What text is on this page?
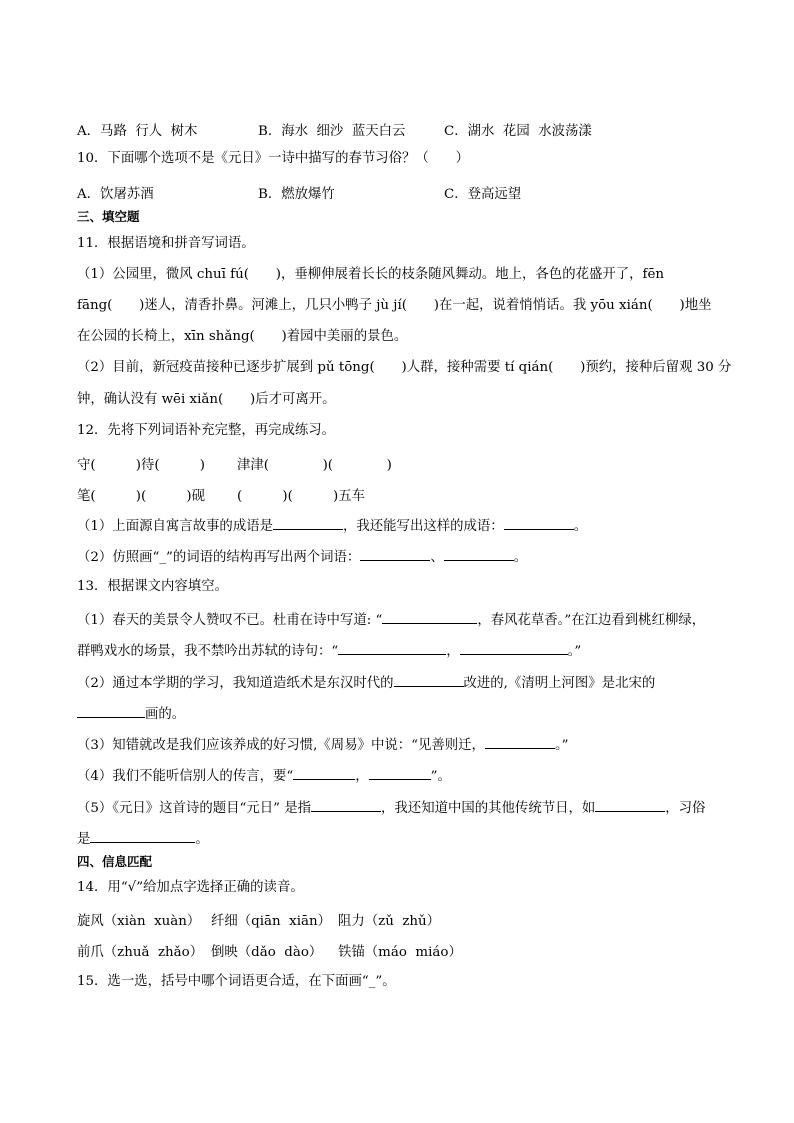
A．马路  行人  树木	B．海水  细沙  蓝天白云	C．湖水  花园  水波荡漾
10．下面哪个选项不是《元日》一诗中描写的春节习俗？（　　）
A．饮屠苏酒	B．燃放爆竹	C．登高远望
三、填空题
11．根据语境和拼音写词语。
（1）公园里，微风 chuī fú(　　)，垂柳伸展着长长的枝条随风舞动。地上，各色的花盛开了，fēn
fāng(　　)迷人，清香扑鼻。河滩上，几只小鸭子 jù jí(　　)在一起，说着悄悄话。我 yōu xián(　　)地坐
在公园的长椅上，xīn shǎng(　　)着园中美丽的景色。
（2）目前，新冠疫苗接种已逐步扩展到 pǔ tōng(　　)人群，接种需要 tí qián(　　)预约，接种后留观 30 分
钟，确认没有 wēi xiǎn(　　)后才可离开。
12．先将下列词语补充完整，再完成练习。
守(　　　)待(　　　) 津津(　　　　)(　　　　)
笔(　　　)(　　　)砚 (　　　)(　　　)五车
（1）上面源自寓言故事的成语是	，我还能写出这样的成语：	。
（2）仿照画“_”的词语的结构再写出两个词语：	、	。
13．根据课文内容填空。
（1）春天的美景令人赞叹不已。杜甫在诗中写道: “	，春风花草香。”在江边看到桃红柳绿，
群鸭戏水的场景，我不禁吟出苏轼的诗句：“	，	。”
（2）通过本学期的学习，我知道造纸术是东汉时代的	改进的,《清明上河图》是北宋的
画的。
（3）知错就改是我们应该养成的好习惯,《周易》中说：“见善则迁，	。”
（4）我们不能听信别人的传言，要“	，	”。
（5）《元日》这首诗的题目“元日” 是指	，我还知道中国的其他传统节日，如	，习俗
是	。
四、信息匹配
14．用“√”给加点字选择正确的读音。
旋风（xiàn  xuàn） 纤细（qiān  xiān） 阻力（zǔ  zhǔ）
前爪（zhuǎ  zhǎo） 倒映（dǎo  dào） 铁锚（máo  miáo）
15．选一选，括号中哪个词语更合适，在下面画“_”。
